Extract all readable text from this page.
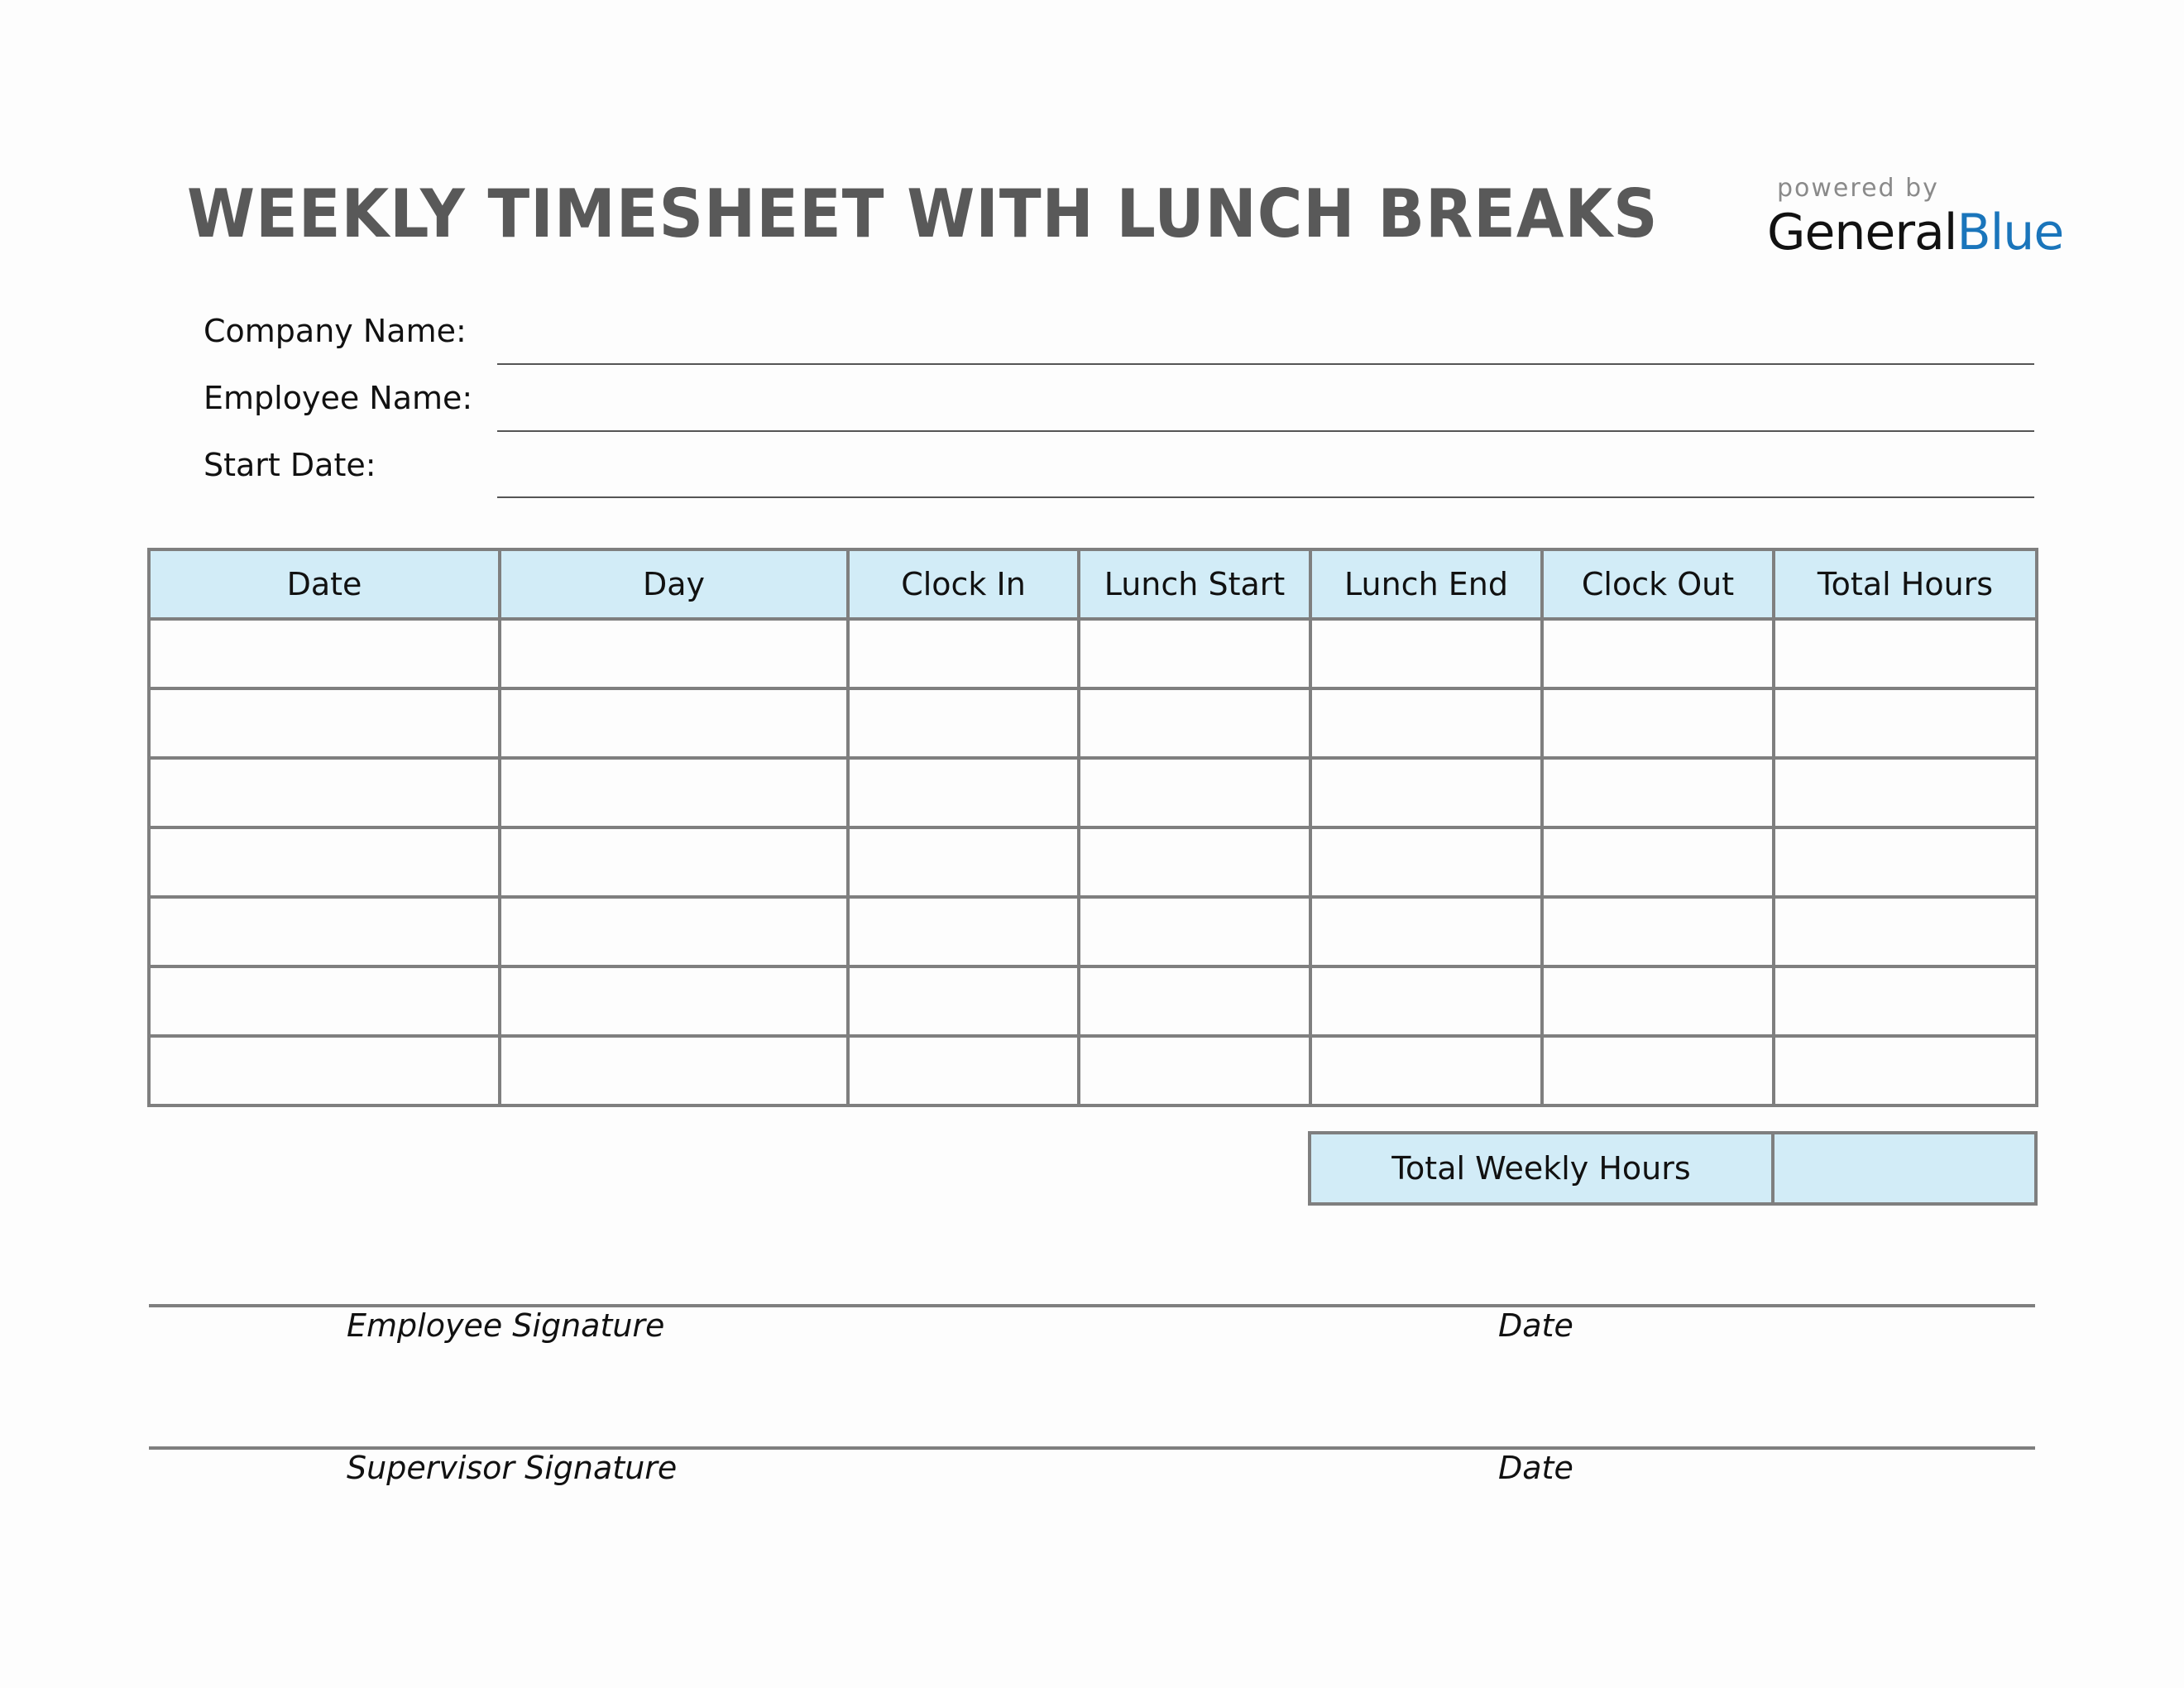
WEEKLY TIMESHEET WITH LUNCH BREAKS	powered by
GeneralBlue
Company Name:
Employee Name:
Start Date:
Date	Day	Clock In	Lunch Start	Lunch End	Clock Out	Total Hours

Total Weekly Hours	
Employee Signature	Date
Supervisor Signature	Date
